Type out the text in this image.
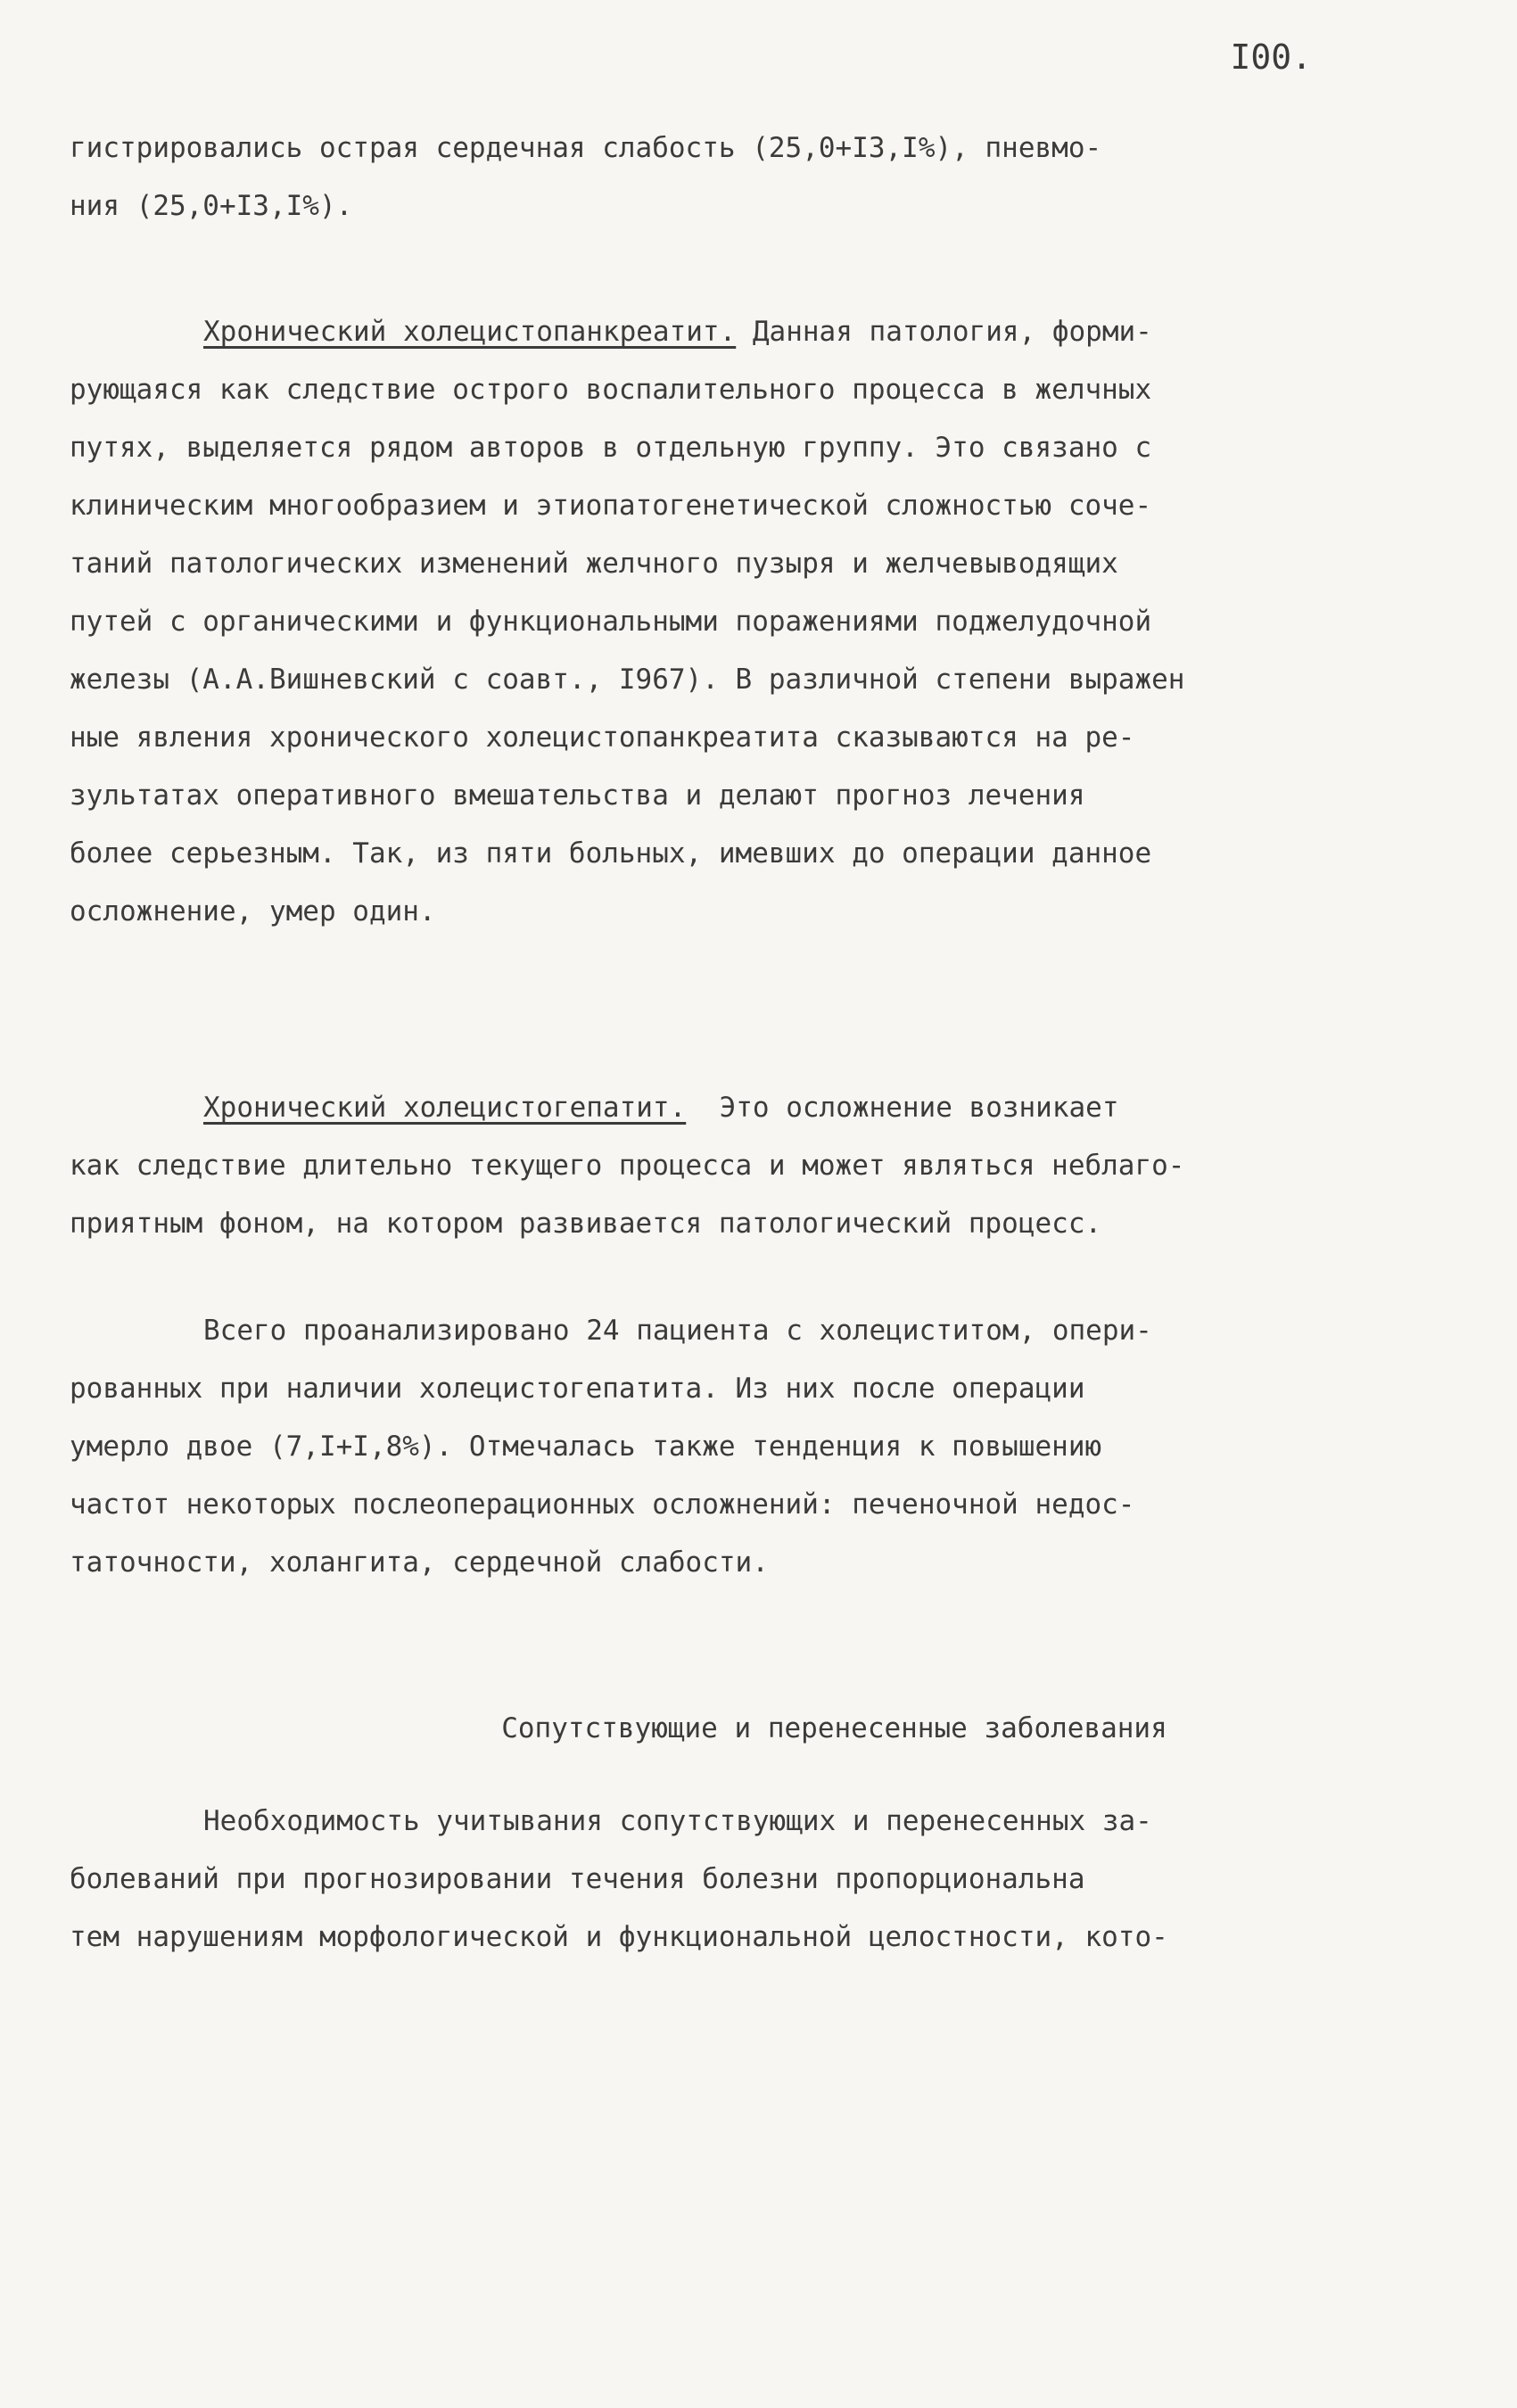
I00.
гистрировались острая сердечная слабость (25,0+I3,I%), пневмо-
ния (25,0+I3,I%).
Хронический холецистопанкреатит. Данная патология, форми-
рующаяся как следствие острого воспалительного процесса в желчных
путях, выделяется рядом авторов в отдельную группу. Это связано с
клиническим многообразием и этиопатогенетической сложностью соче-
таний патологических изменений желчного пузыря и желчевыводящих
путей с органическими и функциональными поражениями поджелудочной
железы (А.А.Вишневский с соавт., I967). В различной степени выражен
ные явления хронического холецистопанкреатита сказываются на ре-
зультатах оперативного вмешательства и делают прогноз лечения
более серьезным. Так, из пяти больных, имевших до операции данное
осложнение, умер один.
Хронический холецистогепатит.  Это осложнение возникает
как следствие длительно текущего процесса и может являться неблаго-
приятным фоном, на котором развивается патологический процесс.
Всего проанализировано 24 пациента с холециститом, опери-
рованных при наличии холецистогепатита. Из них после операции
умерло двое (7,I+I,8%). Отмечалась также тенденция к повышению
частот некоторых послеоперационных осложнений: печеночной недос-
таточности, холангита, сердечной слабости.
Сопутствующие и перенесенные заболевания
Необходимость учитывания сопутствующих и перенесенных за-
болеваний при прогнозировании течения болезни пропорциональна
тем нарушениям морфологической и функциональной целостности, кото-
